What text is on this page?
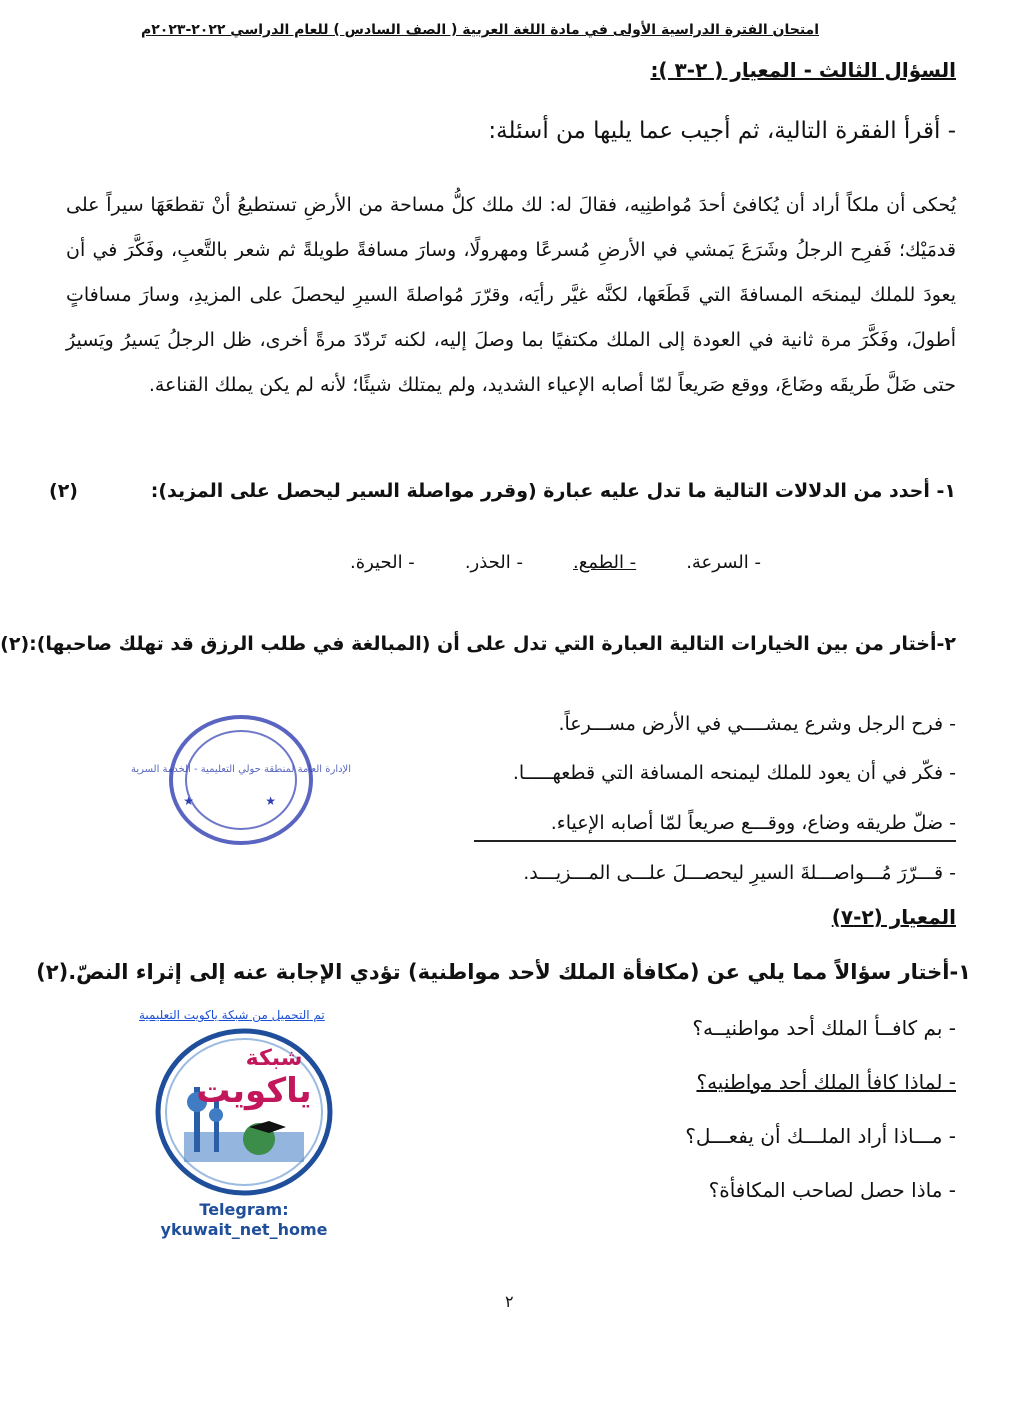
امتحان الفترة الدراسية الأولى في مادة اللغة العربية ( الصف السادس ) للعام الدراسي ٢٠٢٢-٢٠٢٣م
السؤال الثالث - المعيار ( ٢-٣ ):
- أقرأ الفقرة التالية، ثم أجيب عما يليها من أسئلة:
يُحكى أن ملكاً أراد أن يُكافئ أحدَ مُواطنِيه، فقالَ له: لك ملك كلُّ مساحة من الأرضِ تستطيعُ أنْ تقطعَهَا سيراً على قدمَيْك؛ فَفرِح الرجلُ وشَرَعَ يَمشي في الأرضِ مُسرعًا ومهرولًا، وسارَ مسافةً طويلةً ثم شعر بالتَّعبِ، وفَكَّرَ في أن يعودَ للملك ليمنحَه المسافةَ التي قَطَعَها، لكنَّه غيَّر رأيَه، وقرّرَ مُواصلةَ السيرِ ليحصلَ على المزيدِ، وسارَ مسافاتٍ أطولَ، وفَكَّرَ مرة ثانية في العودة إلى الملك مكتفيًا بما وصلَ إليه، لكنه تَردّدَ مرةً أخرى، ظل الرجلُ يَسيرُ ويَسيرُ حتى ضَلَّ طَريقَه وضَاعَ، ووقع صَريعاً لمّا أصابه الإعياء الشديد، ولم يمتلك شيئًا؛ لأنه لم يكن يملك القناعة.
١- أحدد من الدلالات التالية ما تدل عليه عبارة (وقرر مواصلة السير ليحصل على المزيد):
(٢)
- السرعة.
- الطمع.
- الحذر.
- الحيرة.
٢-أختار من بين الخيارات التالية العبارة التي تدل على أن (المبالغة في طلب الرزق قد تهلك صاحبها):(٢)
الإدارة العامة لمنطقة حولي التعليمية - الخدمة السرية
★	★
- فرح الرجل وشرع يمشــــي في الأرض مســـرعاً.
- فكّر في أن يعود للملك ليمنحه المسافة التي قطعهـــــا.
- ضلّ طريقه وضاع، ووقـــع صريعاً لمّا أصابه الإعياء.
- قـــرّرَ مُـــواصـــلةَ السيرِ ليحصـــلَ علـــى المـــزيـــد.
المعيار (٢-٧)
١-أختار سؤالاً مما يلي عن (مكافأة الملك لأحد مواطنية) تؤدي الإجابة عنه إلى إثراء النصّ.(٢)
- بم كافــأ الملك أحد مواطنيــه؟
- لماذا كافأ الملك أحد مواطنيه؟
- مـــاذا أراد الملـــك أن يفعـــل؟
- ماذا حصل لصاحب المكافأة؟
تم التحميل من شبكة ياكويت التعليمية
شبكة
ياكويت
Telegram:
ykuwait_net_home
٢
